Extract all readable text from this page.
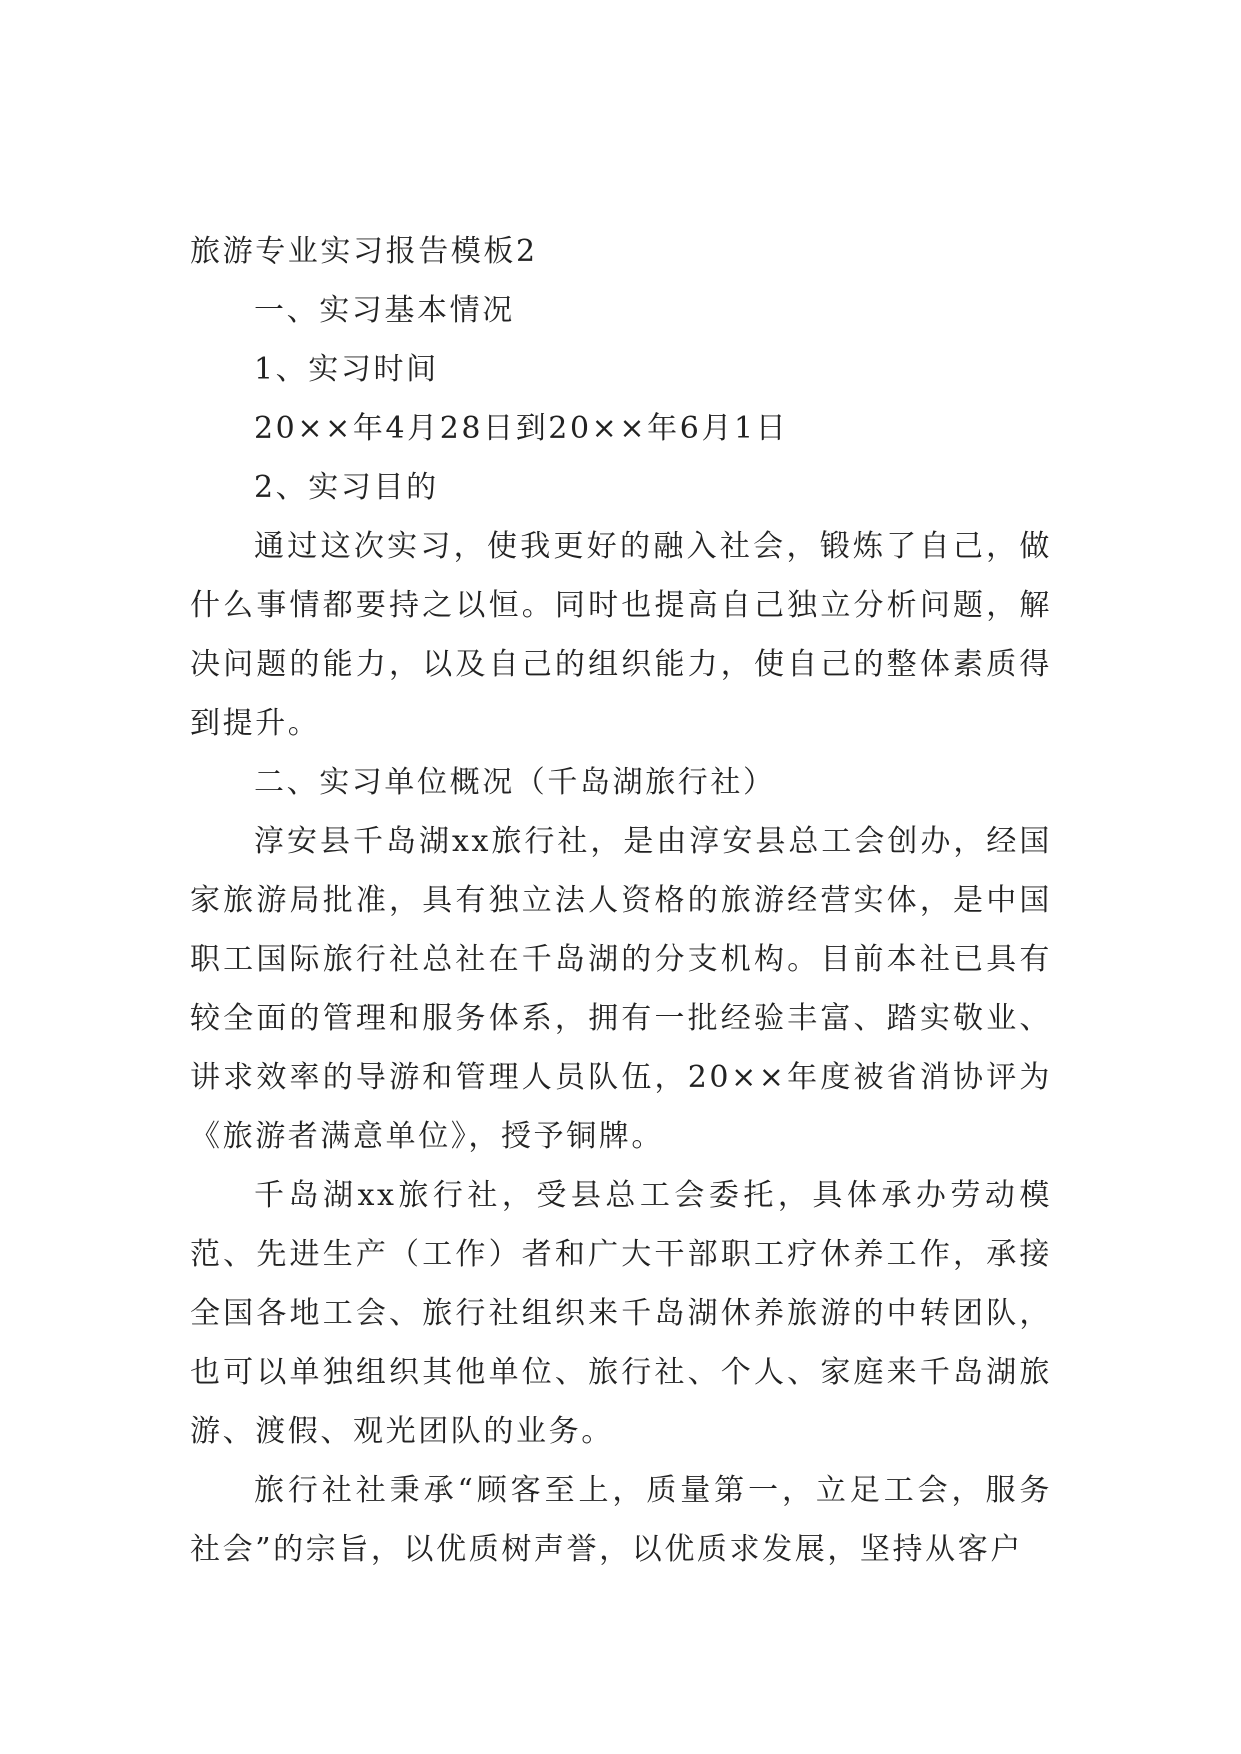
旅游专业实习报告模板2

一、实习基本情况

1、实习时间

20××年4月28日到20××年6月1日

2、实习目的

通过这次实习，使我更好的融入社会，锻炼了自己，做什么事情都要持之以恒。同时也提高自己独立分析问题，解决问题的能力，以及自己的组织能力，使自己的整体素质得到提升。

二、实习单位概况（千岛湖旅行社）

淳安县千岛湖xx旅行社，是由淳安县总工会创办，经国家旅游局批准，具有独立法人资格的旅游经营实体，是中国职工国际旅行社总社在千岛湖的分支机构。目前本社已具有较全面的管理和服务体系，拥有一批经验丰富、踏实敬业、讲求效率的导游和管理人员队伍，20××年度被省消协评为《旅游者满意单位》，授予铜牌。

千岛湖xx旅行社，受县总工会委托，具体承办劳动模范、先进生产（工作）者和广大干部职工疗休养工作，承接全国各地工会、旅行社组织来千岛湖休养旅游的中转团队，也可以单独组织其他单位、旅行社、个人、家庭来千岛湖旅游、渡假、观光团队的业务。

旅行社社秉承“顾客至上，质量第一，立足工会，服务社会”的宗旨，以优质树声誉，以优质求发展，坚持从客户
